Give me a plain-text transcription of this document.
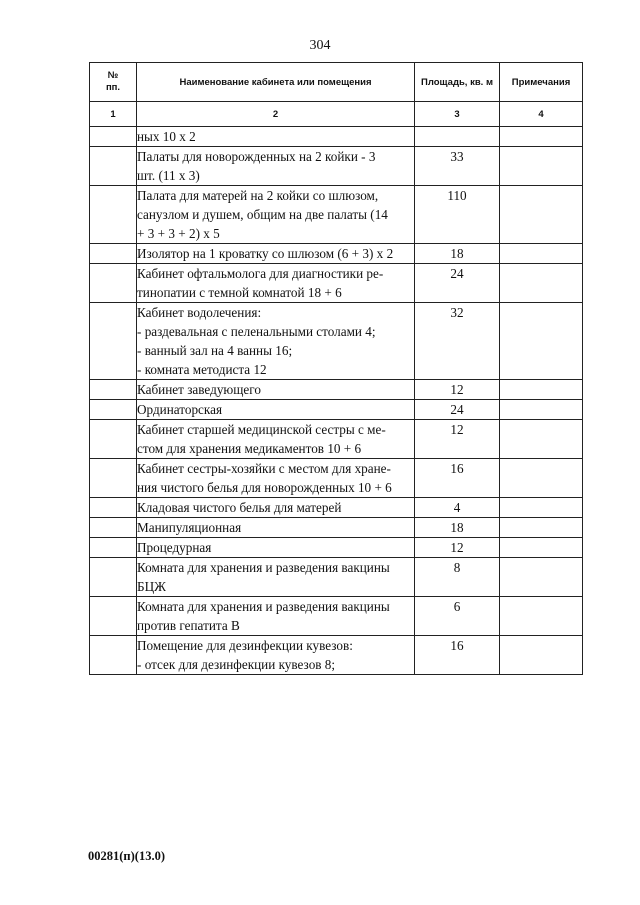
304
№
пп.	Наименование кабинета или помещения	Площадь, кв. м	Примечания
1	2	3	4
	ных 10 x 2		
	Палаты для новорожденных на 2 койки - 3
шт. (11 x 3)	33	
	Палата для матерей на 2 койки со шлюзом,
санузлом и душем, общим на две палаты (14
+ 3 + 3 + 2) x 5	110	
	Изолятор на 1 кроватку со шлюзом (6 + 3) x 2	18	
	Кабинет офтальмолога для диагностики ре-
тинопатии с темной комнатой 18 + 6	24	
	Кабинет водолечения:
- раздевальная с пеленальными столами 4;
- ванный зал на 4 ванны 16;
- комната методиста 12	32	
	Кабинет заведующего	12	
	Ординаторская	24	
	Кабинет старшей медицинской сестры с ме-
стом для хранения медикаментов 10 + 6	12	
	Кабинет сестры-хозяйки с местом для хране-
ния чистого белья для новорожденных 10 + 6	16	
	Кладовая чистого белья для матерей	4	
	Манипуляционная	18	
	Процедурная	12	
	Комната для хранения и разведения вакцины
БЦЖ	8	
	Комната для хранения и разведения вакцины
против гепатита В	6	
	Помещение для дезинфекции кувезов:
- отсек для дезинфекции кувезов 8;	16	
00281(п)(13.0)
